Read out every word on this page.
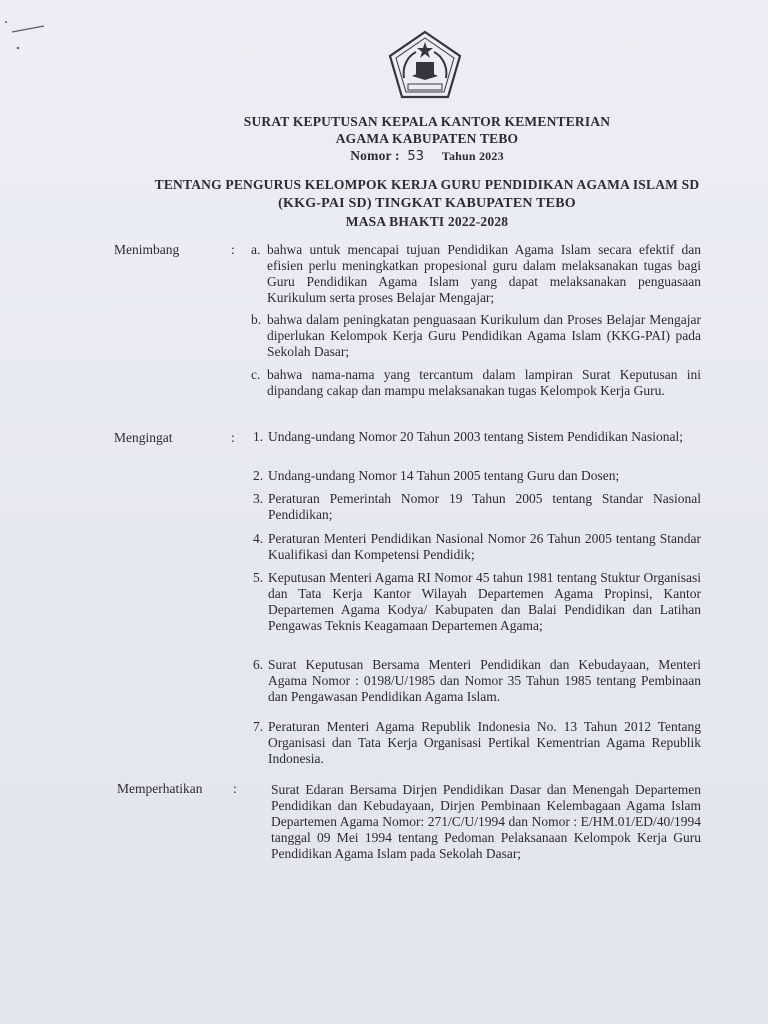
SURAT KEPUTUSAN KEPALA KANTOR KEMENTERIAN
AGAMA KABUPATEN TEBO
Nomor : 53 Tahun 2023
TENTANG PENGURUS KELOMPOK KERJA GURU PENDIDIKAN AGAMA ISLAM SD
(KKG-PAI SD) TINGKAT KABUPATEN TEBO
MASA BHAKTI 2022-2028
Menimbang	: a. bahwa untuk mencapai tujuan Pendidikan Agama Islam secara efektif dan efisien perlu meningkatkan propesional guru dalam melaksanakan tugas bagi Guru Pendidikan Agama Islam yang dapat melaksanakan penguasaan Kurikulum serta proses Belajar Mengajar;
b. bahwa dalam peningkatan penguasaan Kurikulum dan Proses Belajar Mengajar diperlukan Kelompok Kerja Guru Pendidikan Agama Islam (KKG-PAI) pada Sekolah Dasar;
c. bahwa nama-nama yang tercantum dalam lampiran Surat Keputusan ini dipandang cakap dan mampu melaksanakan tugas Kelompok Kerja Guru.
Mengingat	: 1. Undang-undang Nomor 20 Tahun 2003 tentang Sistem Pendidikan Nasional;
2. Undang-undang Nomor 14 Tahun 2005 tentang Guru dan Dosen;
3. Peraturan Pemerintah Nomor 19 Tahun 2005 tentang Standar Nasional Pendidikan;
4. Peraturan Menteri Pendidikan Nasional Nomor 26 Tahun 2005 tentang Standar Kualifikasi dan Kompetensi Pendidik;
5. Keputusan Menteri Agama RI Nomor 45 tahun 1981 tentang Stuktur Organisasi dan Tata Kerja Kantor Wilayah Departemen Agama Propinsi, Kantor Departemen Agama Kodya/ Kabupaten dan Balai Pendidikan dan Latihan Pengawas Teknis Keagamaan Departemen Agama;
6. Surat Keputusan Bersama Menteri Pendidikan dan Kebudayaan, Menteri Agama Nomor : 0198/U/1985 dan Nomor 35 Tahun 1985 tentang Pembinaan dan Pengawasan Pendidikan Agama Islam.
7. Peraturan Menteri Agama Republik Indonesia No. 13 Tahun 2012 Tentang Organisasi dan Tata Kerja Organisasi Pertikal Kementrian Agama Republik Indonesia.
Memperhatikan :	Surat Edaran Bersama Dirjen Pendidikan Dasar dan Menengah Departemen Pendidikan dan Kebudayaan, Dirjen Pembinaan Kelembagaan Agama Islam Departemen Agama Nomor: 271/C/U/1994 dan Nomor : E/HM.01/ED/40/1994 tanggal 09 Mei 1994 tentang Pedoman Pelaksanaan Kelompok Kerja Guru Pendidikan Agama Islam pada Sekolah Dasar;
